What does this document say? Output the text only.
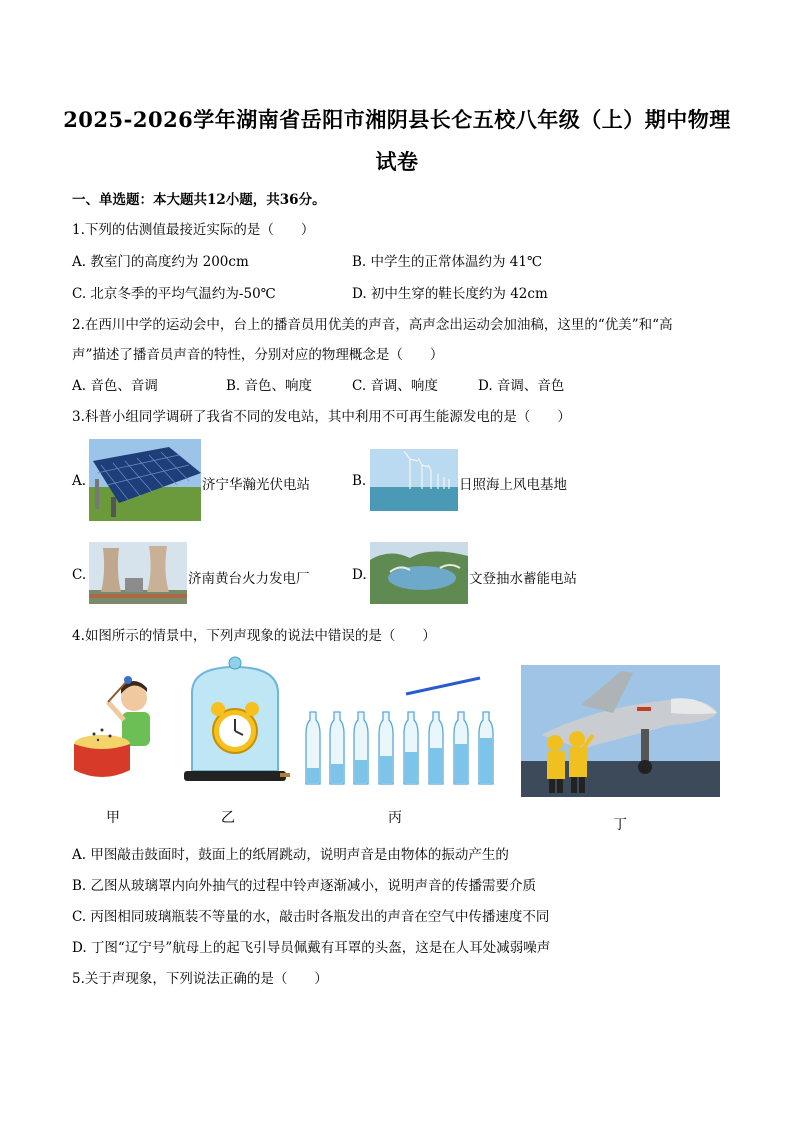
2025-2026学年湖南省岳阳市湘阴县长仑五校八年级（上）期中物理
试卷
一、单选题：本大题共12小题，共36分。
1.下列的估测值最接近实际的是（　　）
A. 教室门的高度约为 200cm	B. 中学生的正常体温约为 41℃
C. 北京冬季的平均气温约为-50℃	D. 初中生穿的鞋长度约为 42cm
2.在西川中学的运动会中，台上的播音员用优美的声音，高声念出运动会加油稿，这里的“优美”和“高
声”描述了播音员声音的特性，分别对应的物理概念是（　　）
A. 音色、音调	B. 音色、响度	C. 音调、响度	D. 音调、音色
3.科普小组同学调研了我省不同的发电站，其中利用不可再生能源发电的是（　　）
A.	济宁华瀚光伏电站	B.	日照海上风电基地
C.	济南黄台火力发电厂	D.	文登抽水蓄能电站
4.如图所示的情景中，下列声现象的说法中错误的是（　　）
甲	乙	丙	丁
A. 甲图敲击鼓面时，鼓面上的纸屑跳动，说明声音是由物体的振动产生的
B. 乙图从玻璃罩内向外抽气的过程中铃声逐渐减小，说明声音的传播需要介质
C. 丙图相同玻璃瓶装不等量的水，敲击时各瓶发出的声音在空气中传播速度不同
D. 丁图“辽宁号”航母上的起飞引导员佩戴有耳罩的头盔，这是在人耳处减弱噪声
5.关于声现象，下列说法正确的是（　　）
